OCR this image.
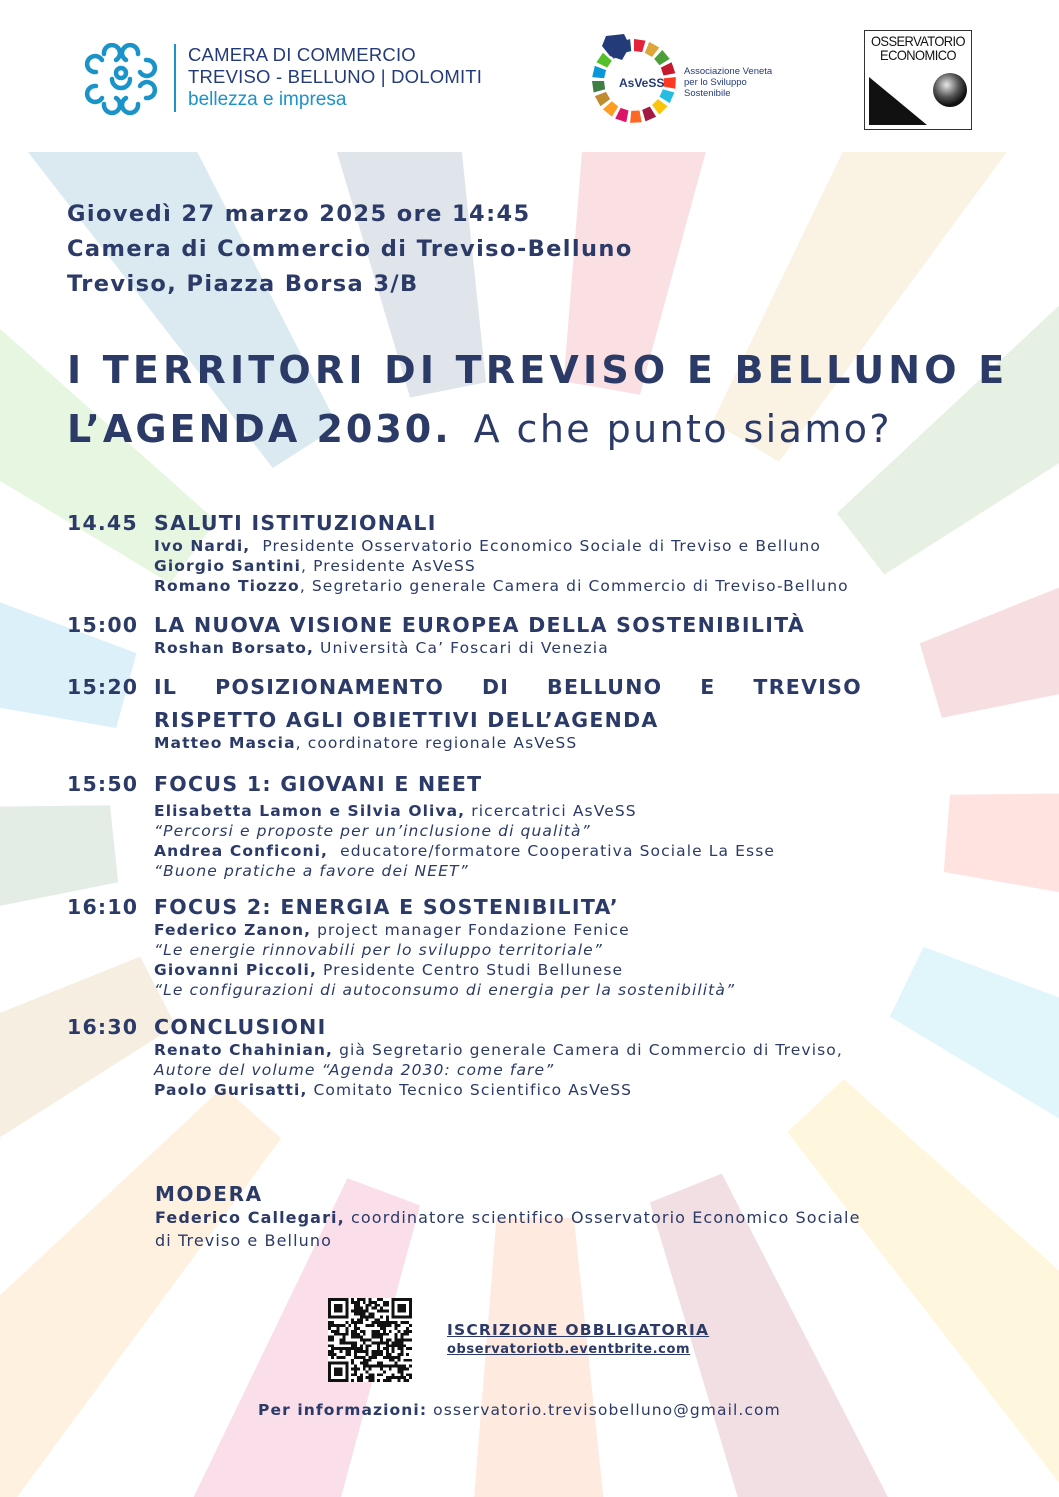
CAMERA DI COMMERCIO
TREVISO - BELLUNO | DOLOMITI
bellezza e impresa
AsVeSS
Associazione Veneta
per lo Sviluppo
Sostenibile
OSSERVATORIO
ECONOMICO
Giovedì 27 marzo 2025 ore 14:45
Camera di Commercio di Treviso-Belluno
Treviso, Piazza Borsa 3/B
I TERRITORI DI TREVISO E BELLUNO E
L’AGENDA 2030. A che punto siamo?
14.45 SALUTI ISTITUZIONALI
Ivo Nardi, Presidente Osservatorio Economico Sociale di Treviso e Belluno
Giorgio Santini, Presidente AsVeSS
Romano Tiozzo, Segretario generale Camera di Commercio di Treviso-Belluno
15:00 LA NUOVA VISIONE EUROPEA DELLA SOSTENIBILITÀ
Roshan Borsato, Università Ca’ Foscari di Venezia
15:20 IL POSIZIONAMENTO DI BELLUNO E TREVISO
RISPETTO AGLI OBIETTIVI DELL’AGENDA
Matteo Mascia, coordinatore regionale AsVeSS
15:50 FOCUS 1: GIOVANI E NEET
Elisabetta Lamon e Silvia Oliva, ricercatrici AsVeSS
“Percorsi e proposte per un’inclusione di qualità”
Andrea Conficoni, educatore/formatore Cooperativa Sociale La Esse
“Buone pratiche a favore dei NEET”
16:10 FOCUS 2: ENERGIA E SOSTENIBILITA’
Federico Zanon, project manager Fondazione Fenice
“Le energie rinnovabili per lo sviluppo territoriale”
Giovanni Piccoli, Presidente Centro Studi Bellunese
“Le configurazioni di autoconsumo di energia per la sostenibilità”
16:30 CONCLUSIONI
Renato Chahinian, già Segretario generale Camera di Commercio di Treviso,
Autore del volume “Agenda 2030: come fare”
Paolo Gurisatti, Comitato Tecnico Scientifico AsVeSS
MODERA
Federico Callegari, coordinatore scientifico Osservatorio Economico Sociale
di Treviso e Belluno
ISCRIZIONE OBBLIGATORIA
observatoriotb.eventbrite.com
Per informazioni: osservatorio.trevisobelluno@gmail.com
